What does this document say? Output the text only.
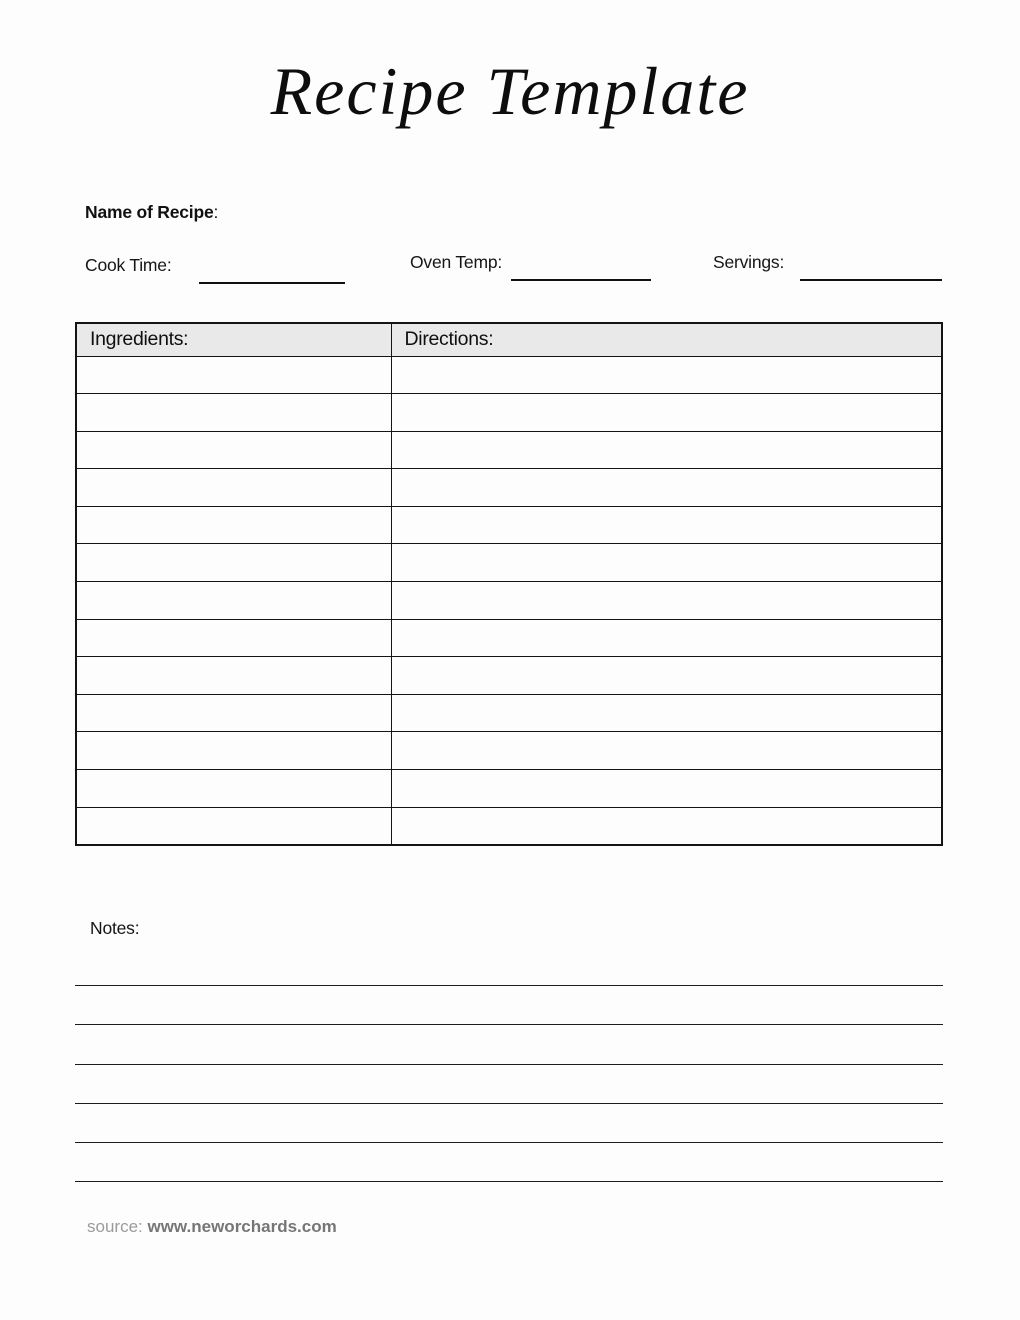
Recipe Template
Name of Recipe:
Cook Time:	Oven Temp:	Servings:
Ingredients:	Directions:

Notes:
source: www.neworchards.com
